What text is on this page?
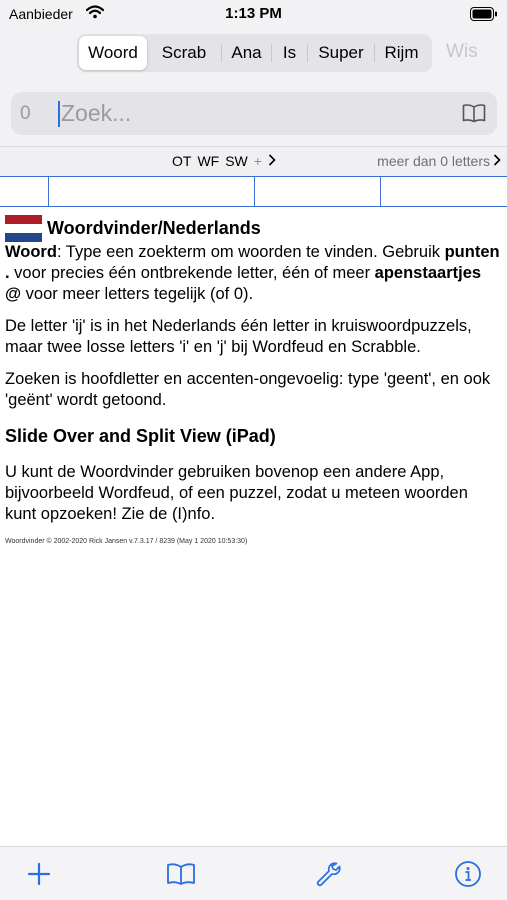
Aanbieder	1:13 PM
Woord	Scrab	Ana	Is	Super	Rijm	Wis
0
Zoek...
OT WF SW +	meer dan 0 letters
Woordvinder/Nederlands

Woord: Type een zoekterm om woorden te vinden. Gebruik punten . voor precies één ontbrekende letter, één of meer apenstaartjes @ voor meer letters tegelijk (of 0).

De letter 'ij' is in het Nederlands één letter in kruiswoordpuzzels, maar twee losse letters 'i' en 'j' bij Wordfeud en Scrabble.

Zoeken is hoofdletter en accenten-ongevoelig: type 'geent', en ook 'geënt' wordt getoond.

Slide Over and Split View (iPad)

U kunt de Woordvinder gebruiken bovenop een andere App, bijvoorbeeld Wordfeud, of een puzzel, zodat u meteen woorden kunt opzoeken! Zie de (I)nfo.

Woordvinder © 2002-2020 Rick Jansen v.7.3.17 / 8239 (May 1 2020 10:53:30)
